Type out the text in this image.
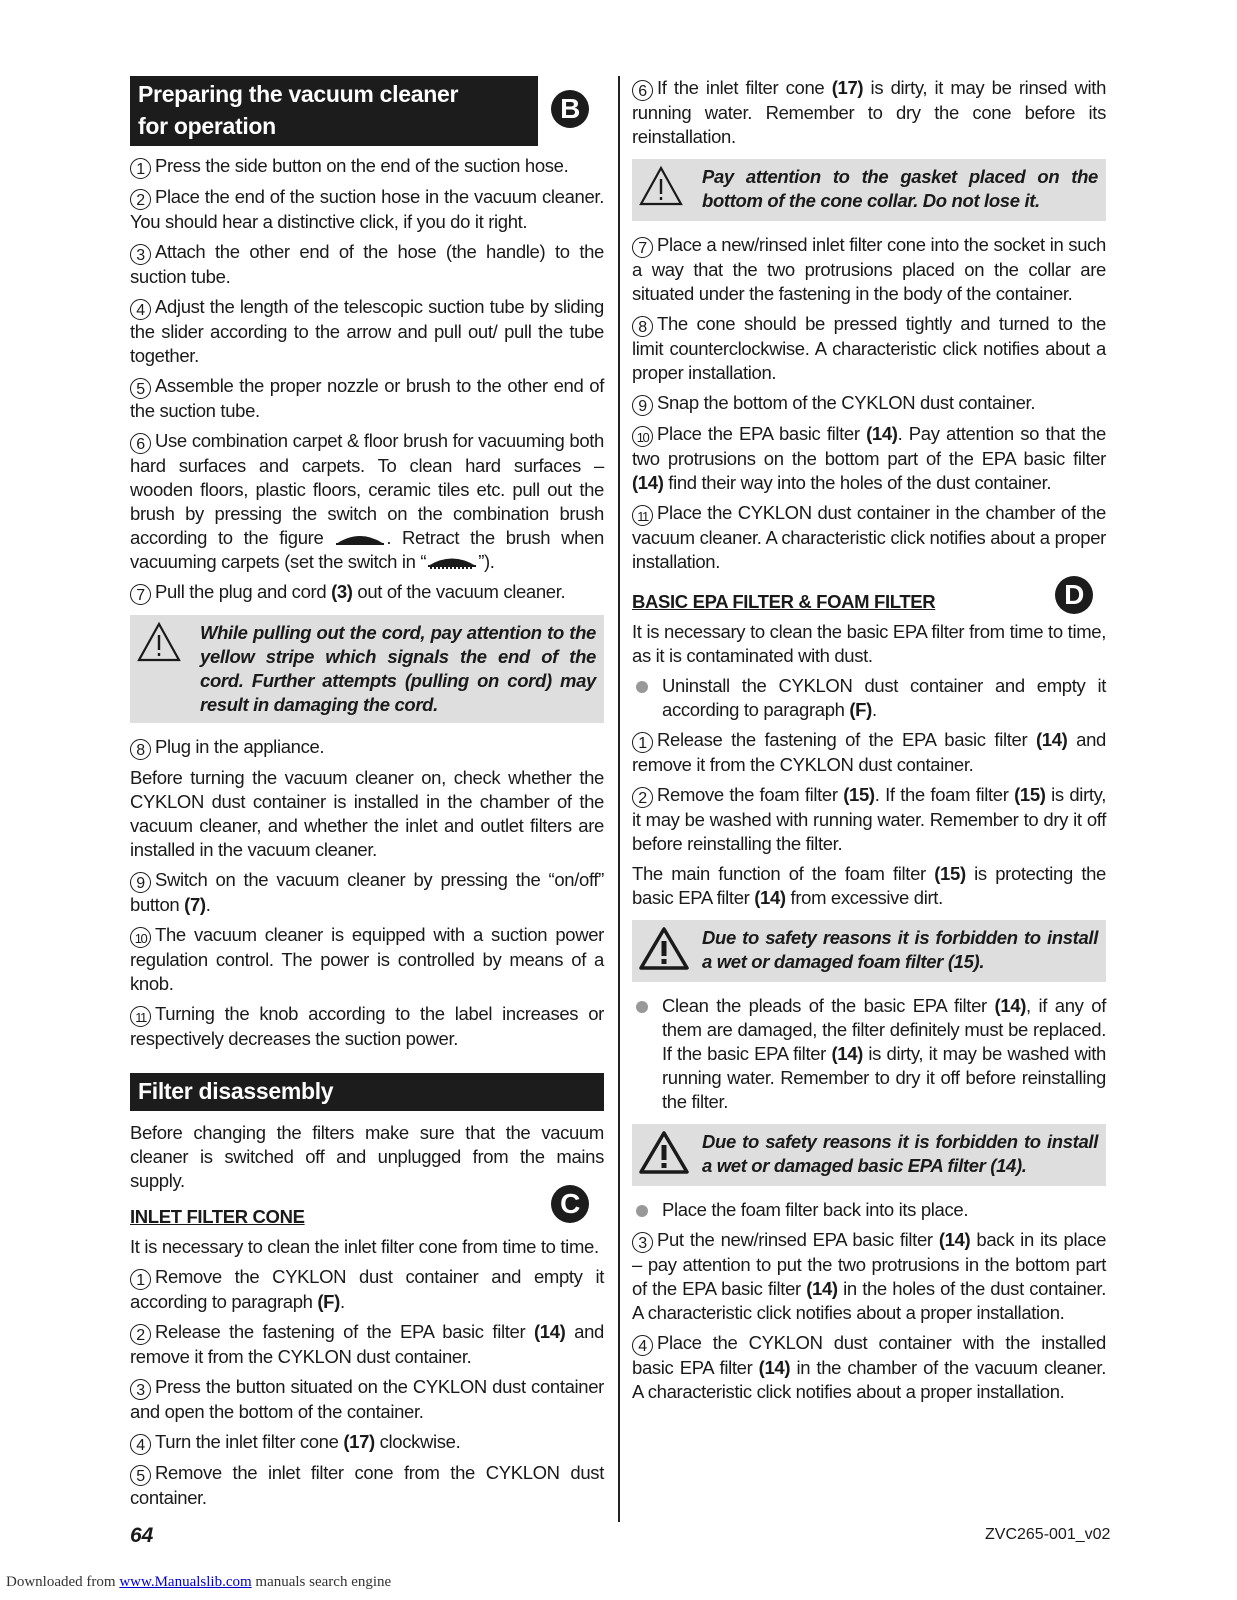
Preparing the vacuum cleaner
for operation
B
1 Press the side button on the end of the suction hose.
2 Place the end of the suction hose in the vacuum cleaner. You should hear a distinctive click, if you do it right.
3 Attach the other end of the hose (the handle) to the suction tube.
4 Adjust the length of the telescopic suction tube by sliding the slider according to the arrow and pull out/ pull the tube together.
5 Assemble the proper nozzle or brush to the other end of the suction tube.
6 Use combination carpet & floor brush for vacuuming both hard surfaces and carpets. To clean hard surfaces – wooden floors, plastic floors, ceramic tiles etc. pull out the brush by pressing the switch on the combination brush according to the figure	. Retract the brush when vacuuming carpets (set the switch in “	”).
7 Pull the plug and cord (3) out of the vacuum cleaner.
While pulling out the cord, pay attention to the yellow stripe which signals the end of the cord. Further attempts (pulling on cord) may result in damaging the cord.
8 Plug in the appliance.
Before turning the vacuum cleaner on, check whether the CYKLON dust container is installed in the chamber of the vacuum cleaner, and whether the inlet and outlet filters are installed in the vacuum cleaner.
9 Switch on the vacuum cleaner by pressing the “on/off” button (7).
10 The vacuum cleaner is equipped with a suction power regulation control. The power is controlled by means of a knob.
11 Turning the knob according to the label increases or respectively decreases the suction power.
Filter disassembly
Before changing the filters make sure that the vacuum cleaner is switched off and unplugged from the mains supply.
INLET FILTER CONE	C
It is necessary to clean the inlet filter cone from time to time.
1 Remove the CYKLON dust container and empty it according to paragraph (F).
2 Release the fastening of the EPA basic filter (14) and remove it from the CYKLON dust container.
3 Press the button situated on the CYKLON dust container and open the bottom of the container.
4 Turn the inlet filter cone (17) clockwise.
5 Remove the inlet filter cone from the CYKLON dust container.
6 If the inlet filter cone (17) is dirty, it may be rinsed with running water. Remember to dry the cone before its reinstallation.
Pay attention to the gasket placed on the bottom of the cone collar. Do not lose it.
7 Place a new/rinsed inlet filter cone into the socket in such a way that the two protrusions placed on the collar are situated under the fastening in the body of the container.
8 The cone should be pressed tightly and turned to the limit counterclockwise. A characteristic click notifies about a proper installation.
9 Snap the bottom of the CYKLON dust container.
10 Place the EPA basic filter (14). Pay attention so that the two protrusions on the bottom part of the EPA basic filter (14) find their way into the holes of the dust container.
11 Place the CYKLON dust container in the chamber of the vacuum cleaner. A characteristic click notifies about a proper installation.
BASIC EPA FILTER & FOAM FILTER	D
It is necessary to clean the basic EPA filter from time to time, as it is contaminated with dust.
Uninstall the CYKLON dust container and empty it according to paragraph (F).
1 Release the fastening of the EPA basic filter (14) and remove it from the CYKLON dust container.
2 Remove the foam filter (15). If the foam filter (15) is dirty, it may be washed with running water. Remember to dry it off before reinstalling the filter.
The main function of the foam filter (15) is protecting the basic EPA filter (14) from excessive dirt.
Due to safety reasons it is forbidden to install a wet or damaged foam filter (15).
Clean the pleads of the basic EPA filter (14), if any of them are damaged, the filter definitely must be replaced. If the basic EPA filter (14) is dirty, it may be washed with running water. Remember to dry it off before reinstalling the filter.
Due to safety reasons it is forbidden to install a wet or damaged basic EPA filter (14).
Place the foam filter back into its place.
3 Put the new/rinsed EPA basic filter (14) back in its place – pay attention to put the two protrusions in the bottom part of the EPA basic filter (14) in the holes of the dust container. A characteristic click notifies about a proper installation.
4 Place the CYKLON dust container with the installed basic EPA filter (14) in the chamber of the vacuum cleaner. A characteristic click notifies about a proper installation.
64	ZVC265-001_v02
Downloaded from www.Manualslib.com manuals search engine
